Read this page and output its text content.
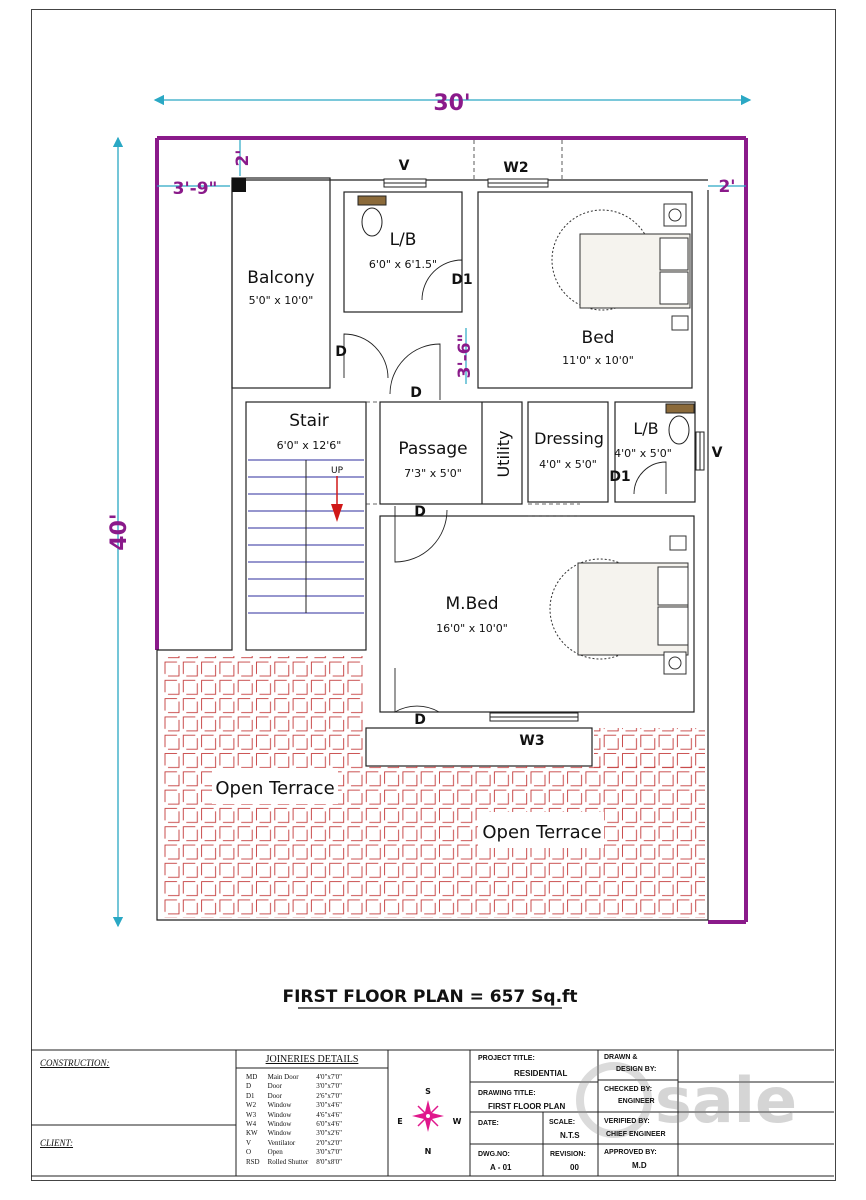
30'
40'
3'-9"
2'
2'
3'-6"
L/B
6'0" x 6'1.5"
Balcony
5'0" x 10'0"
Bed
11'0" x 10'0"
Stair
6'0" x 12'6"
UP
Passage
7'3" x 5'0" Utility Dressing
4'0" x 5'0"
L/B
4'0" x 5'0"
M.Bed
16'0" x 10'0"
Open Terrace
Open Terrace
V	W2
D1
D
D
D
D
D1
V
W3
FIRST FLOOR PLAN = 657 Sq.ft
S
N
E	W	sale
CONSTRUCTION:
CLIENT:
JOINERIES DETAILS
MD	Main Door	4'0"x7'0"
D	Door	3'0"x7'0"
D1	Door	2'6"x7'0"
W2	Window	3'0"x4'6"
W3	Window	4'6"x4'6"
W4	Window	6'0"x4'6"
KW	Window	3'0"x2'6"
V	Ventilator	2'0"x2'0"
O	Open	3'0"x7'0"
RSD	Rolled Shutter	8'0"x8'0"
PROJECT TITLE:
RESIDENTIAL
DRAWING TITLE:
FIRST FLOOR PLAN
DATE:	SCALE:
N.T.S
DWG.NO:
A - 01
REVISION:
00
DRAWN &
DESIGN BY:
CHECKED BY:
ENGINEER
VERIFIED BY:
CHIEF ENGINEER
APPROVED BY:
M.D
